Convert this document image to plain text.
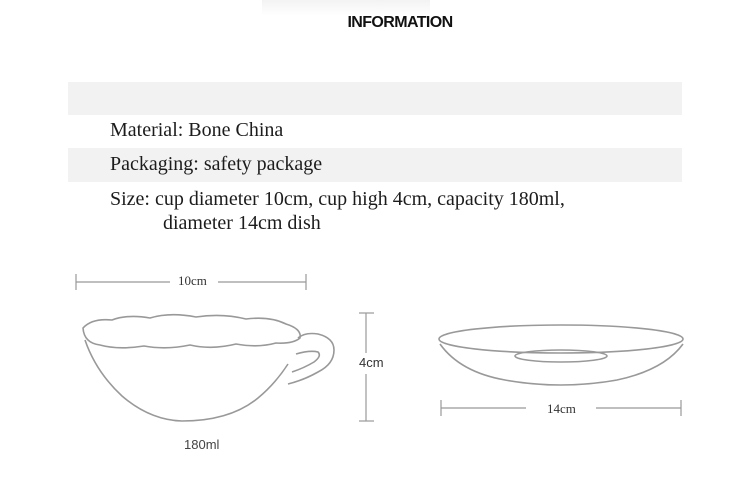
INFORMATION
Material: Bone China
Packaging: safety package
Size: cup diameter 10cm, cup high 4cm, capacity 180ml,
diameter 14cm dish
10cm
4cm
180ml
14cm
